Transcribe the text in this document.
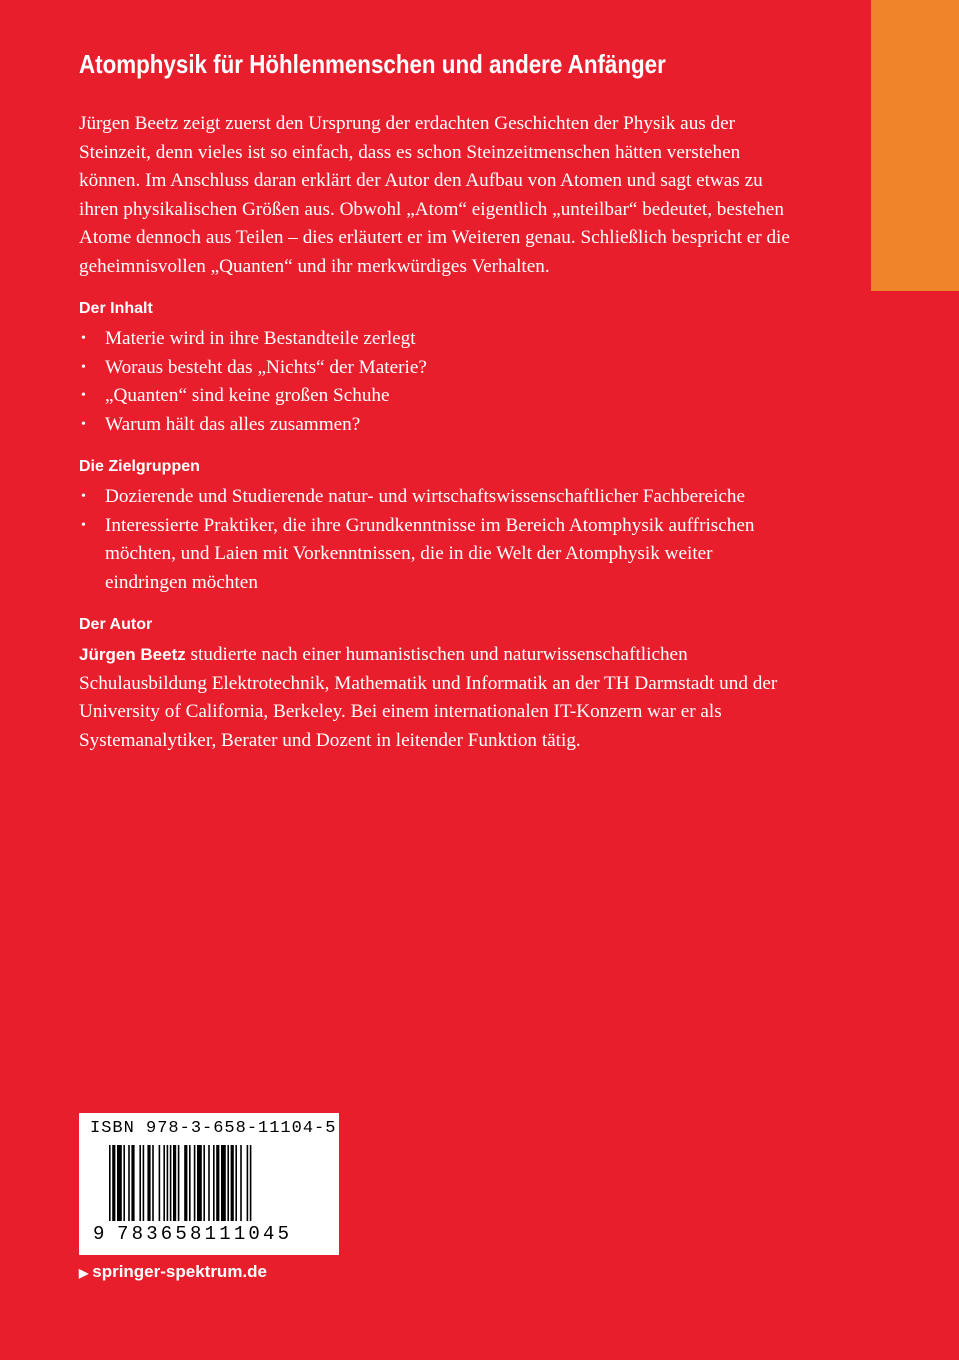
Atomphysik für Höhlenmenschen und andere Anfänger

Jürgen Beetz zeigt zuerst den Ursprung der erdachten Geschichten der Physik aus der Steinzeit, denn vieles ist so einfach, dass es schon Steinzeitmenschen hätten verstehen können. Im Anschluss daran erklärt der Autor den Aufbau von Atomen und sagt etwas zu ihren physikalischen Größen aus. Obwohl „Atom“ eigentlich „unteilbar“ bedeutet, bestehen Atome dennoch aus Teilen – dies erläutert er im Weiteren genau. Schließlich bespricht er die geheimnisvollen „Quanten“ und ihr merkwürdiges Verhalten.

Der Inhalt
• Materie wird in ihre Bestandteile zerlegt
• Woraus besteht das „Nichts“ der Materie?
• „Quanten“ sind keine großen Schuhe
• Warum hält das alles zusammen?
Die Zielgruppen
• Dozierende und Studierende natur- und wirtschaftswissenschaftlicher Fachbereiche
• Interessierte Praktiker, die ihre Grundkenntnisse im Bereich Atomphysik auffrischen möchten, und Laien mit Vorkenntnissen, die in die Welt der Atomphysik weiter eindringen möchten
Der Autor

Jürgen Beetz studierte nach einer humanistischen und naturwissenschaftlichen Schulausbildung Elektrotechnik, Mathematik und Informatik an der TH Darmstadt und der University of California, Berkeley. Bei einem internationalen IT-Konzern war er als Systemanalytiker, Berater und Dozent in leitender Funktion tätig.

ISBN 978-3-658-11104-5
9 783658111045
▶ springer-spektrum.de
